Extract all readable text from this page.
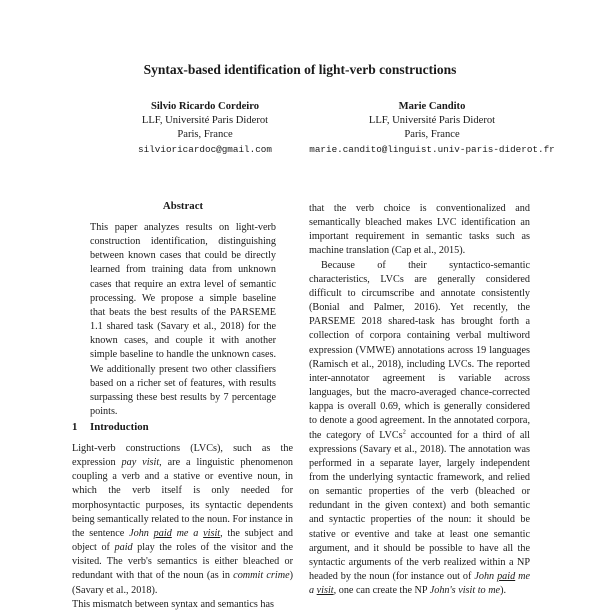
Syntax-based identification of light-verb constructions
Silvio Ricardo Cordeiro
LLF, Université Paris Diderot
Paris, France
silvioricardoc@gmail.com
Marie Candito
LLF, Université Paris Diderot
Paris, France
marie.candito@linguist.univ-paris-diderot.fr
Abstract
This paper analyzes results on light-verb construction identification, distinguishing between known cases that could be directly learned from training data from unknown cases that require an extra level of semantic processing. We propose a simple baseline that beats the best results of the PARSEME 1.1 shared task (Savary et al., 2018) for the known cases, and couple it with another simple baseline to handle the unknown cases. We additionally present two other classifiers based on a richer set of features, with results surpassing these best results by 7 percentage points.
1 Introduction

Light-verb constructions (LVCs), such as the expression pay visit, are a linguistic phenomenon coupling a verb and a stative or eventive noun, in which the verb itself is only needed for morphosyntactic purposes, its syntactic dependents being semantically related to the noun. For instance in the sentence John paid me a visit, the subject and object of paid play the roles of the visitor and the visited. The verb's semantics is either bleached or redundant with that of the noun (as in commit crime) (Savary et al., 2018).

This mismatch between syntax and semantics has

that the verb choice is conventionalized and semantically bleached makes LVC identification an important requirement in semantic tasks such as machine translation (Cap et al., 2015).

Because of their syntactico-semantic characteristics, LVCs are generally considered difficult to circumscribe and annotate consistently (Bonial and Palmer, 2016). Yet recently, the PARSEME 2018 shared-task has brought forth a collection of corpora containing verbal multiword expression (VMWE) annotations across 19 languages (Ramisch et al., 2018), including LVCs. The reported inter-annotator agreement is variable across languages, but the macro-averaged chance-corrected kappa is overall 0.69, which is generally considered to denote a good agreement. In the annotated corpora, the category of LVCs$^2$ accounted for a third of all expressions (Savary et al., 2018). The annotation was performed in a separate layer, largely independent from the underlying syntactic framework, and relied on semantic properties of the verb (bleached or redundant in the given context) and both semantic and syntactic properties of the noun: it should be stative or eventive and take at least one semantic argument, and it should be possible to have all the syntactic arguments of the verb realized within a NP headed by the noun (for instance out of John paid me a visit, one can create the NP John's visit to me).
